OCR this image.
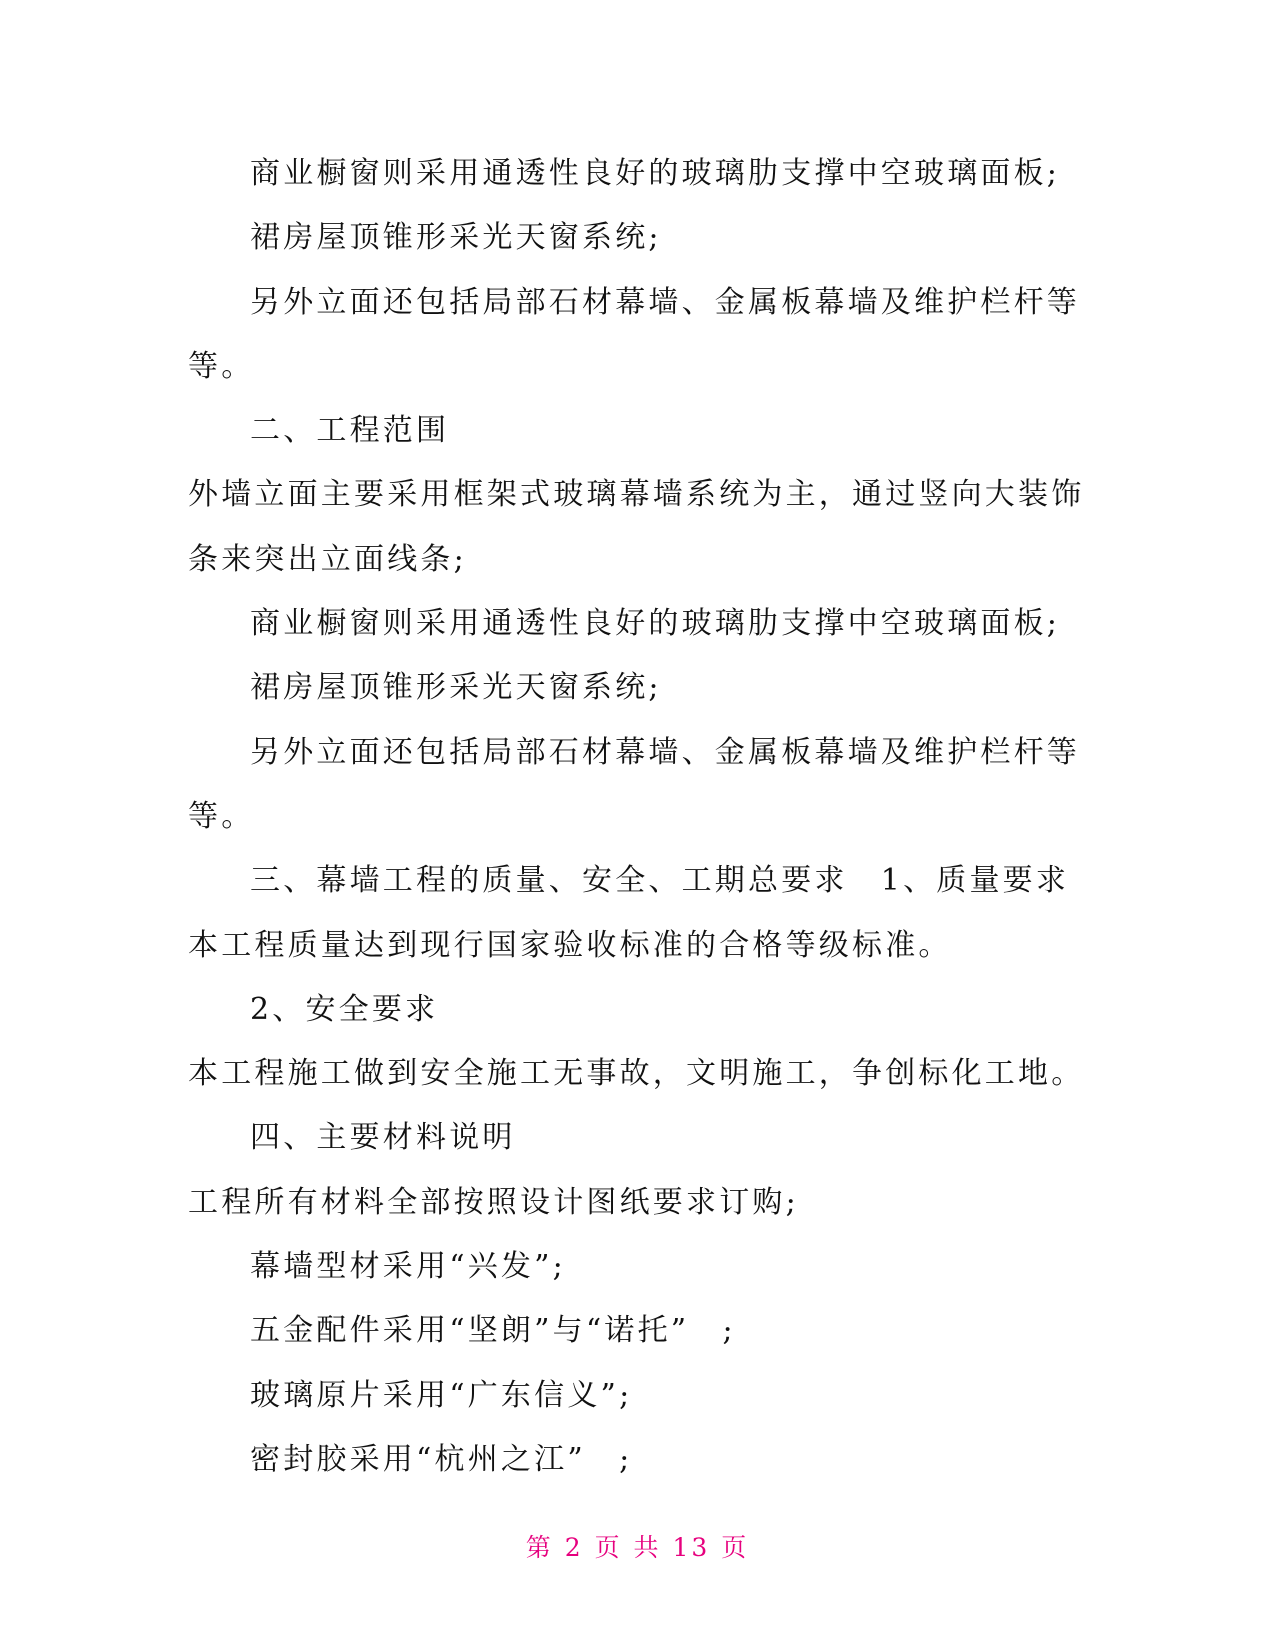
商业橱窗则采用通透性良好的玻璃肋支撑中空玻璃面板;
裙房屋顶锥形采光天窗系统;
另外立面还包括局部石材幕墙、金属板幕墙及维护栏杆等
等。
二、工程范围
外墙立面主要采用框架式玻璃幕墙系统为主，通过竖向大装饰
条来突出立面线条;
商业橱窗则采用通透性良好的玻璃肋支撑中空玻璃面板;
裙房屋顶锥形采光天窗系统;
另外立面还包括局部石材幕墙、金属板幕墙及维护栏杆等
等。
三、幕墙工程的质量、安全、工期总要求　1、质量要求
本工程质量达到现行国家验收标准的合格等级标准。
2、安全要求
本工程施工做到安全施工无事故，文明施工，争创标化工地。
四、主要材料说明
工程所有材料全部按照设计图纸要求订购;
幕墙型材采用“兴发”;
五金配件采用“坚朗”与“诺托”　;
玻璃原片采用“广东信义”;
密封胶采用“杭州之江”　;
第 2 页 共 13 页
